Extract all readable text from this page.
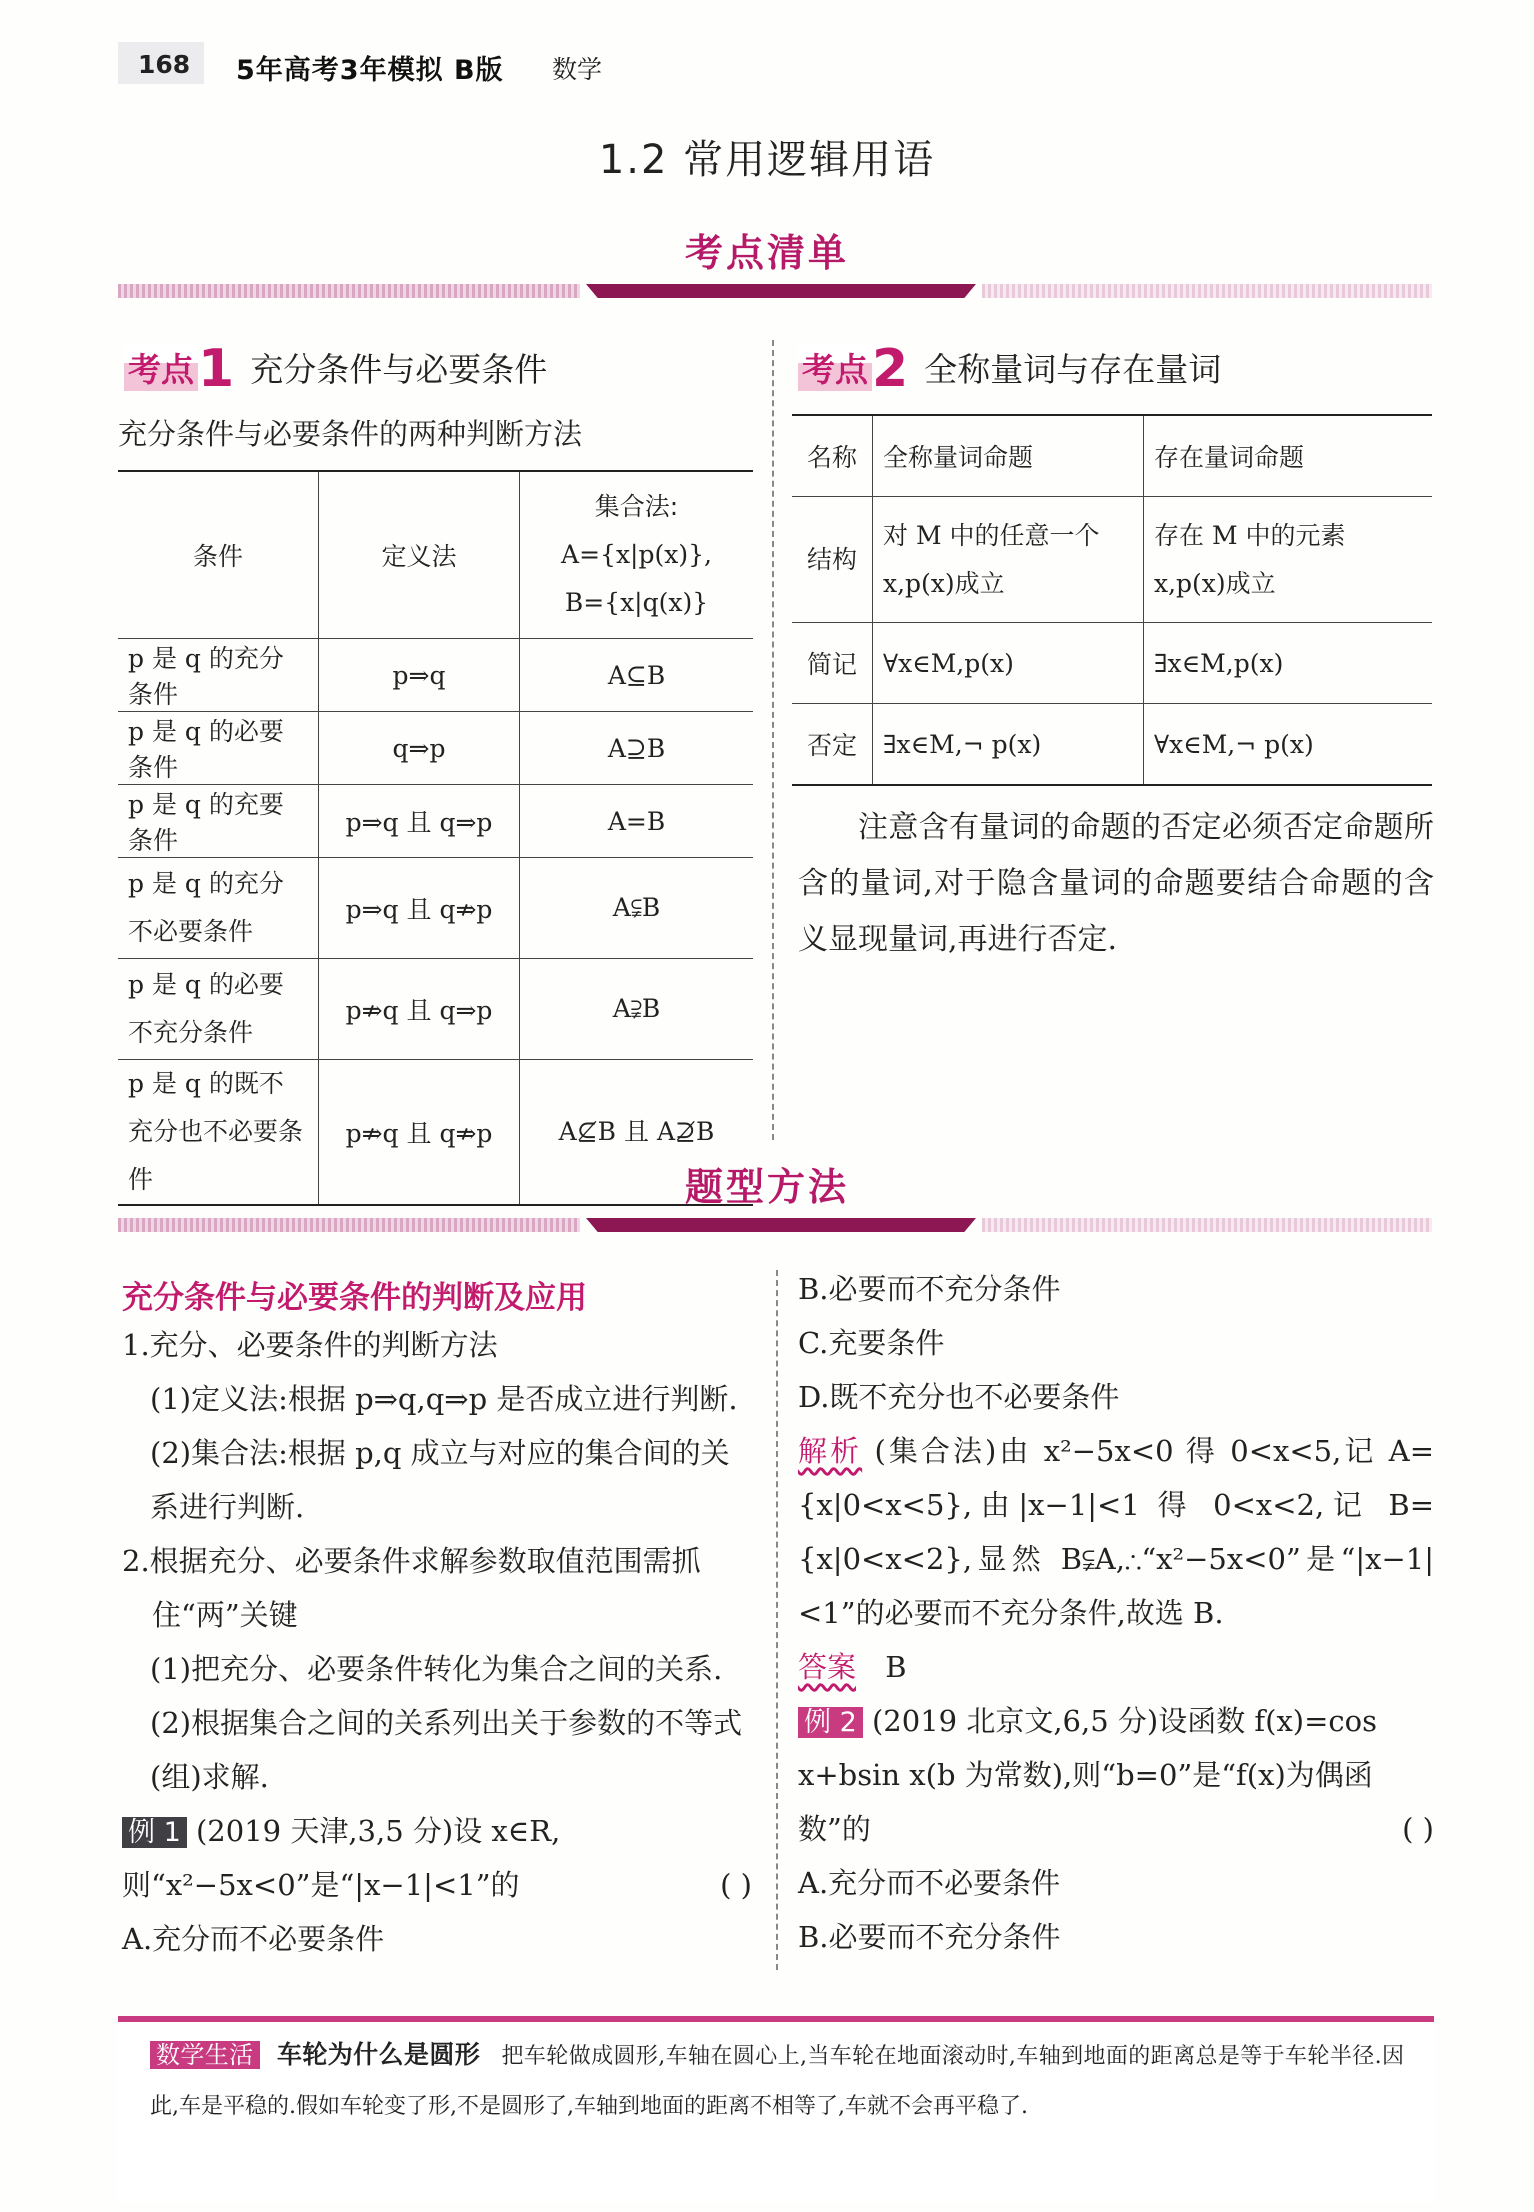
168 5年高考3年模拟 B版 数学
1.2 常用逻辑用语
考点清单
考点 1 充分条件与必要条件
充分条件与必要条件的两种判断方法
条件	定义法	集合法:
A={x|p(x)},
B={x|q(x)}

p 是 q 的充分条件	p⇒q	A⊆B
p 是 q 的必要条件	q⇒p	A⊇B
p 是 q 的充要条件	p⇒q 且 q⇒p	A=B
p 是 q 的充分不必要条件	p⇒q 且 q⇏p	A⫋B
p 是 q 的必要不充分条件	p⇏q 且 q⇒p	A⫌B
p 是 q 的既不充分也不必要条件	p⇏q 且 q⇏p	A⊈B 且 A⊉B
考点 2 全称量词与存在量词
名称	全称量词命题	存在量词命题
结构	对 M 中的任意一个 x,p(x)成立	存在 M 中的元素 x,p(x)成立
简记	∀x∈M,p(x)	∃x∈M,p(x)
否定	∃x∈M,¬ p(x)	∀x∈M,¬ p(x)
注意含有量词的命题的否定必须否定命题所含的量词,对于隐含量词的命题要结合命题的含义显现量词,再进行否定.
题型方法
充分条件与必要条件的判断及应用
1.充分、必要条件的判断方法
(1)定义法:根据 p⇒q,q⇒p 是否成立进行判断.
(2)集合法:根据 p,q 成立与对应的集合间的关系进行判断.
2.根据充分、必要条件求解参数取值范围需抓住“两”关键
(1)把充分、必要条件转化为集合之间的关系.
(2)根据集合之间的关系列出关于参数的不等式(组)求解.
例 1 (2019 天津,3,5 分)设 x∈R,则“x²−5x<0”是“|x−1|<1”的	( )
A.充分而不必要条件
B.必要而不充分条件
C.充要条件
D.既不充分也不必要条件
解析 (集合法)由 x²−5x<0 得 0<x<5,记 A={x|0<x<5},由|x−1|<1 得 0<x<2,记 B={x|0<x<2},显然 B⫋A,∴“x²−5x<0”是“|x−1|<1”的必要而不充分条件,故选 B.
答案 B
例 2 (2019 北京文,6,5 分)设函数 f(x)=cos x+bsin x(b 为常数),则“b=0”是“f(x)为偶函数”的	( )
A.充分而不必要条件
B.必要而不充分条件
数学生活 车轮为什么是圆形 把车轮做成圆形,车轴在圆心上,当车轮在地面滚动时,车轴到地面的距离总是等于车轮半径.因此,车是平稳的.假如车轮变了形,不是圆形了,车轴到地面的距离不相等了,车就不会再平稳了.
